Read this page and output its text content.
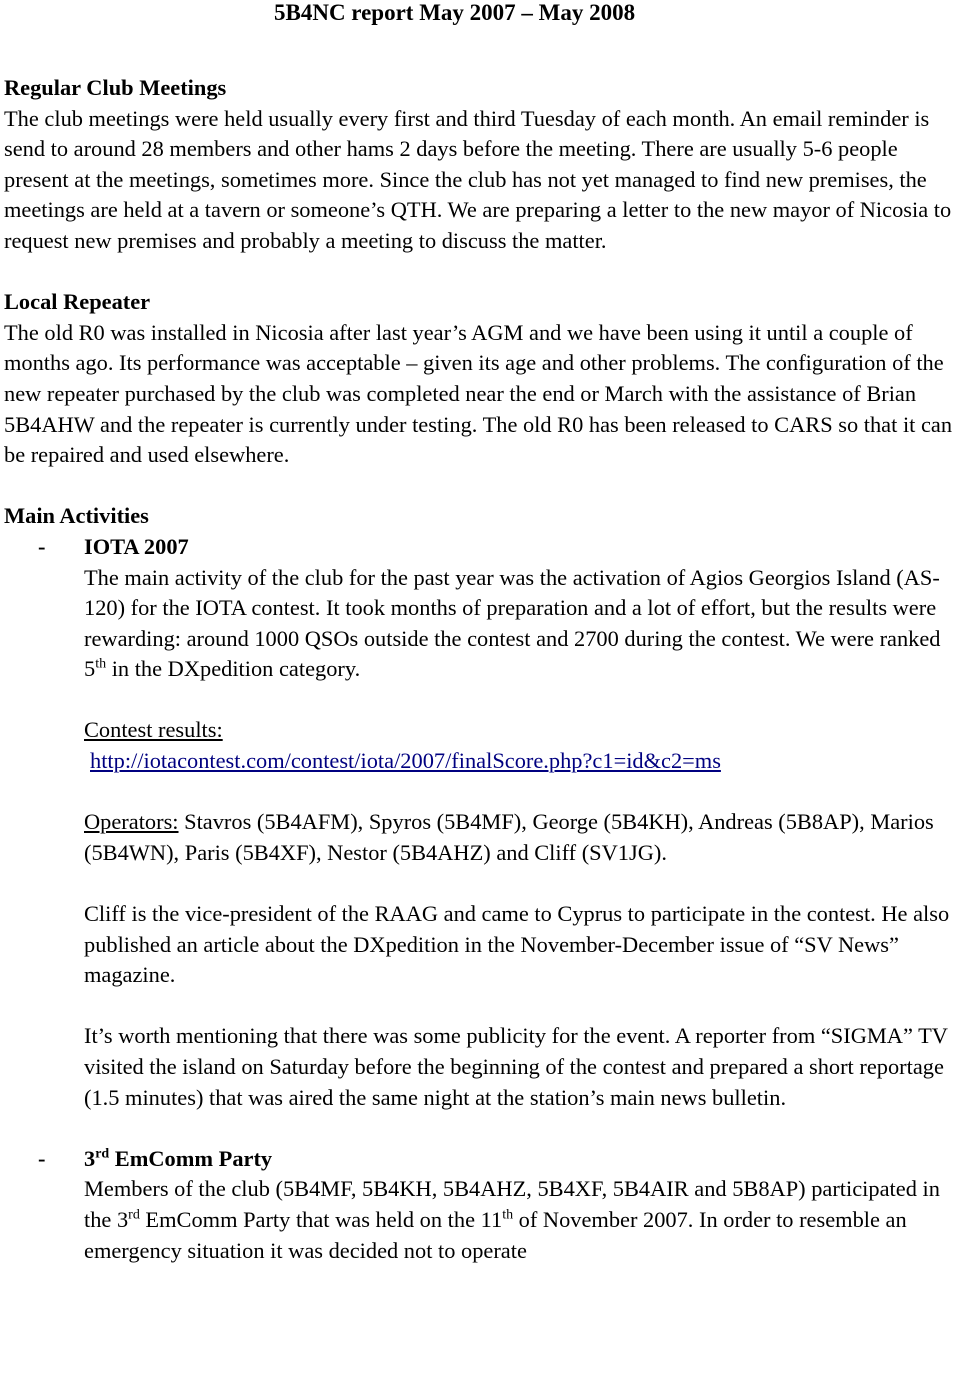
5B4NC report May 2007 – May 2008
Regular Club Meetings

The club meetings were held usually every first and third Tuesday of each month. An email reminder is send to around 28 members and other hams 2 days before the meeting. There are usually 5-6 people present at the meetings, sometimes more. Since the club has not yet managed to find new premises, the meetings are held at a tavern or someone’s QTH. We are preparing a letter to the new mayor of Nicosia to request new premises and probably a meeting to discuss the matter.

Local Repeater

The old R0 was installed in Nicosia after last year’s AGM and we have been using it until a couple of months ago. Its performance was acceptable – given its age and other problems. The configuration of the new repeater purchased by the club was completed near the end or March with the assistance of Brian 5B4AHW and the repeater is currently under testing. The old R0 has been released to CARS so that it can be repaired and used elsewhere.

Main Activities
- IOTA 2007

The main activity of the club for the past year was the activation of Agios Georgios Island (AS-120) for the IOTA contest. It took months of preparation and a lot of effort, but the results were rewarding: around 1000 QSOs outside the contest and 2700 during the contest. We were ranked 5th in the DXpedition category.

Contest results:

http://iotacontest.com/contest/iota/2007/finalScore.php?c1=id&c2=ms

Operators: Stavros (5B4AFM), Spyros (5B4MF), George (5B4KH), Andreas (5B8AP), Marios (5B4WN), Paris (5B4XF), Nestor (5B4AHZ) and Cliff (SV1JG).

Cliff is the vice-president of the RAAG and came to Cyprus to participate in the contest. He also published an article about the DXpedition in the November-December issue of “SV News” magazine.

It’s worth mentioning that there was some publicity for the event. A reporter from “SIGMA” TV visited the island on Saturday before the beginning of the contest and prepared a short reportage (1.5 minutes) that was aired the same night at the station’s main news bulletin.

- 3rd EmComm Party

Members of the club (5B4MF, 5B4KH, 5B4AHZ, 5B4XF, 5B4AIR and 5B8AP) participated in the 3rd EmComm Party that was held on the 11th of November 2007. In order to resemble an emergency situation it was decided not to operate
